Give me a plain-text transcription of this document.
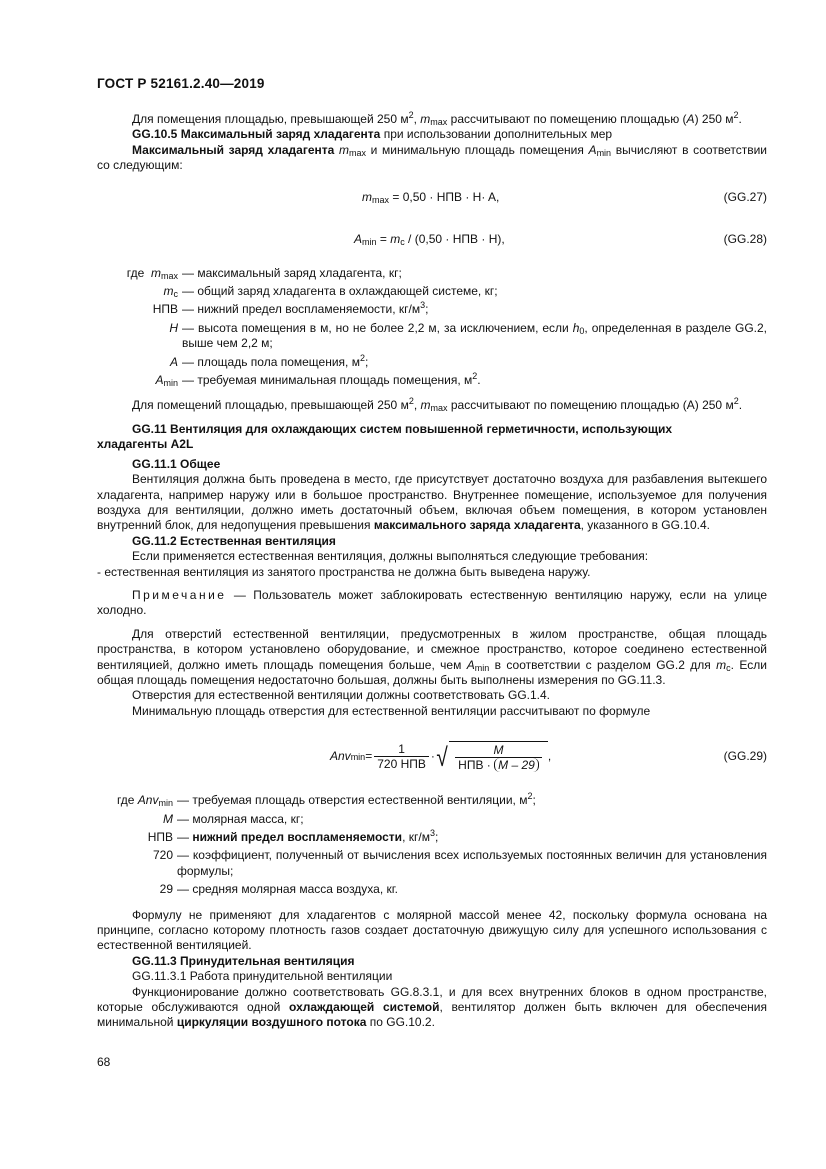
ГОСТ Р 52161.2.40—2019

Для помещения площадью, превышающей 250 $м^2$, $m_{max}$ рассчитывают по помещению площадью (A) 250 $м^2$.

GG.10.5 Максимальный заряд хладагента при использовании дополнительных мер

Максимальный заряд хладагента $m_{max}$ и минимальную площадь помещения $A_{min}$ вычисляют в соответствии со следующим:

$m_{max} = 0,50$ · НПВ · H· A,	(GG.27)
$A_{min} = m_с / (0,50$ · НПВ · H),	(GG.28)
где $m_{max}$ — максимальный заряд хладагента, кг;
$m_c$ — общий заряд хладагента в охлаждающей системе, кг;
НПВ — нижний предел воспламеняемости, $кг/м^3$;
H — высота помещения в м, но не более 2,2 м, за исключением, если $h_0$, определенная в разделе GG.2, выше чем 2,2 м;
A — площадь пола помещения, $м^2$;
$A_{min}$ — требуемая минимальная площадь помещения, $м^2$.

Для помещений площадью, превышающей 250 $м^2$, $m_{max}$ рассчитывают по помещению площадью (А) 250 $м^2$.

GG.11 Вентиляция для охлаждающих систем повышенной герметичности, использующих
хладагенты A2L

GG.11.1 Общее

Вентиляция должна быть проведена в место, где присутствует достаточно воздуха для разбавления вытекшего хладагента, например наружу или в большое пространство. Внутреннее помещение, используемое для получения воздуха для вентиляции, должно иметь достаточный объем, включая объем помещения, в котором установлен внутренний блок, для недопущения превышения максимального заряда хладагента, указанного в GG.10.4.

GG.11.2 Естественная вентиляция

Если применяется естественная вентиляция, должны выполняться следующие требования:

- естественная вентиляция из занятого пространства не должна быть выведена наружу.

Примечание — Пользователь может заблокировать естественную вентиляцию наружу, если на улице холодно.

Для отверстий естественной вентиляции, предусмотренных в жилом пространстве, общая площадь пространства, в котором установлено оборудование, и смежное пространство, которое соединено естественной вентиляцией, должно иметь площадь помещения больше, чем $A_{min}$ в соответствии с разделом GG.2 для $m_с$. Если общая площадь помещения недостаточно большая, должны быть выполнены измерения по GG.11.3.

Отверстия для естественной вентиляции должны соответствовать GG.1.4.

Минимальную площадь отверстия для естественной вентиляции рассчитывают по формуле

Anv $\min = \frac{1}{\text{720 НПВ}}$ · √ $\frac{M}{\text{НПВ · M – 29}}$ ,	(GG.29)
где Anv$_{min}$ — требуемая площадь отверстия естественной вентиляции, $м^2$;
M — молярная масса, кг;
НПВ — нижний предел воспламеняемости, $кг/м^3$;
720 — коэффициент, полученный от вычисления всех используемых постоянных величин для установления формулы;
29 — средняя молярная масса воздуха, кг.

Формулу не применяют для хладагентов с молярной массой менее 42, поскольку формула основана на принципе, согласно которому плотность газов создает достаточную движущую силу для успешного использования с естественной вентиляцией.

GG.11.3 Принудительная вентиляция

GG.11.3.1 Работа принудительной вентиляции

Функционирование должно соответствовать GG.8.3.1, и для всех внутренних блоков в одном пространстве, которые обслуживаются одной охлаждающей системой, вентилятор должен быть включен для обеспечения минимальной циркуляции воздушного потока по GG.10.2.

68
